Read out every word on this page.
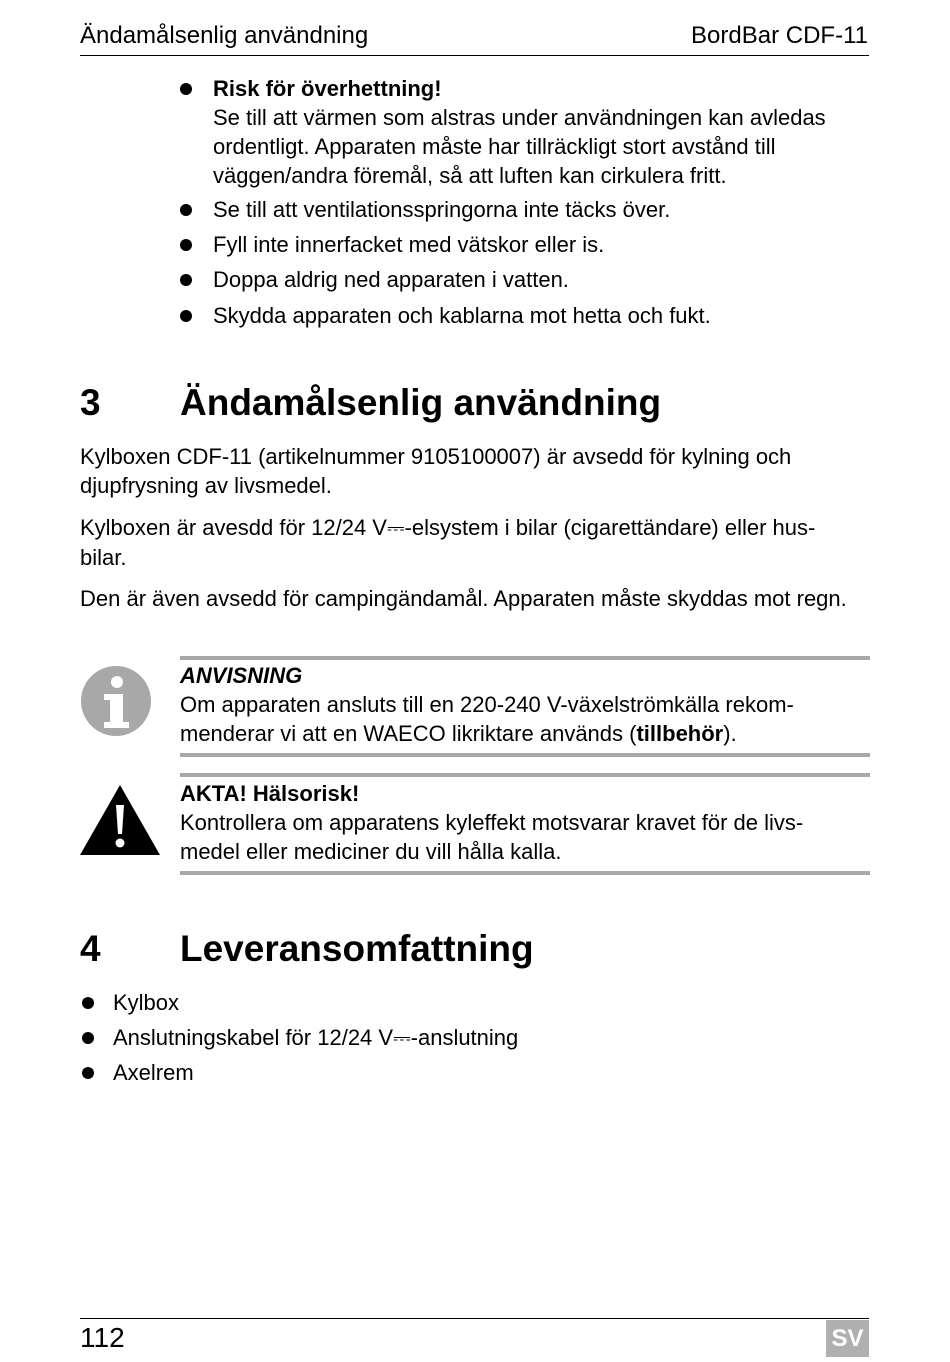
Ändamålsenlig användning	BordBar CDF-11
Risk för överhettning!
Se till att värmen som alstras under användningen kan avledas ordentligt. Apparaten måste har tillräckligt stort avstånd till väggen/andra föremål, så att luften kan cirkulera fritt.
Se till att ventilationsspringorna inte täcks över.
Fyll inte innerfacket med vätskor eller is.
Doppa aldrig ned apparaten i vatten.
Skydda apparaten och kablarna mot hetta och fukt.
3 Ändamålsenlig användning
Kylboxen CDF-11 (artikelnummer 9105100007) är avsedd för kylning och djupfrysning av livsmedel.
Kylboxen är avesdd för 12/24 V⎓-elsystem i bilar (cigarettändare) eller hus-
bilar.
Den är även avsedd för campingändamål. Apparaten måste skyddas mot regn.
ANVISNING
Om apparaten ansluts till en 220-240 V-växelströmkälla rekom-
menderar vi att en WAECO likriktare används (tillbehör).
AKTA! Hälsorisk!
Kontrollera om apparatens kyleffekt motsvarar kravet för de livs-
medel eller mediciner du vill hålla kalla.
4 Leveransomfattning
Kylbox
Anslutningskabel för 12/24 V⎓-anslutning
Axelrem
112	SV
